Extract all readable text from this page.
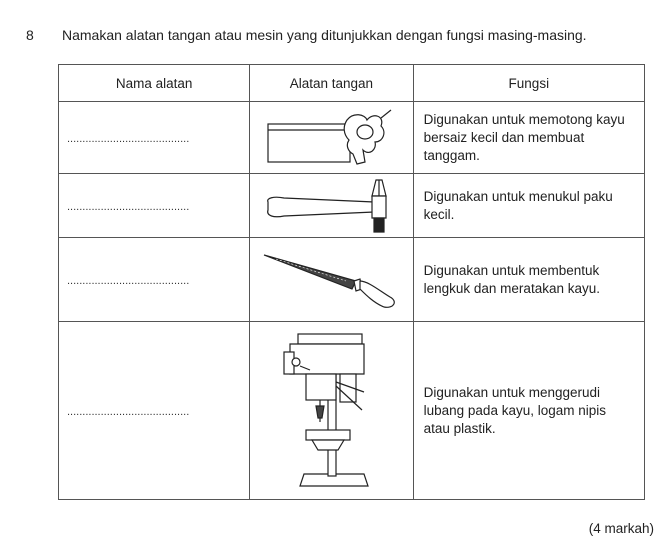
8 Namakan alatan tangan atau mesin yang ditunjukkan dengan fungsi masing-masing.
Nama alatan	Alatan tangan	Fungsi
........................................		Digunakan untuk memotong kayu bersaiz kecil dan membuat tanggam.
........................................		Digunakan untuk menukul paku kecil.
........................................		Digunakan untuk membentuk lengkuk dan meratakan kayu.
........................................		Digunakan untuk menggerudi lubang pada kayu, logam nipis atau plastik.
(4 markah)
